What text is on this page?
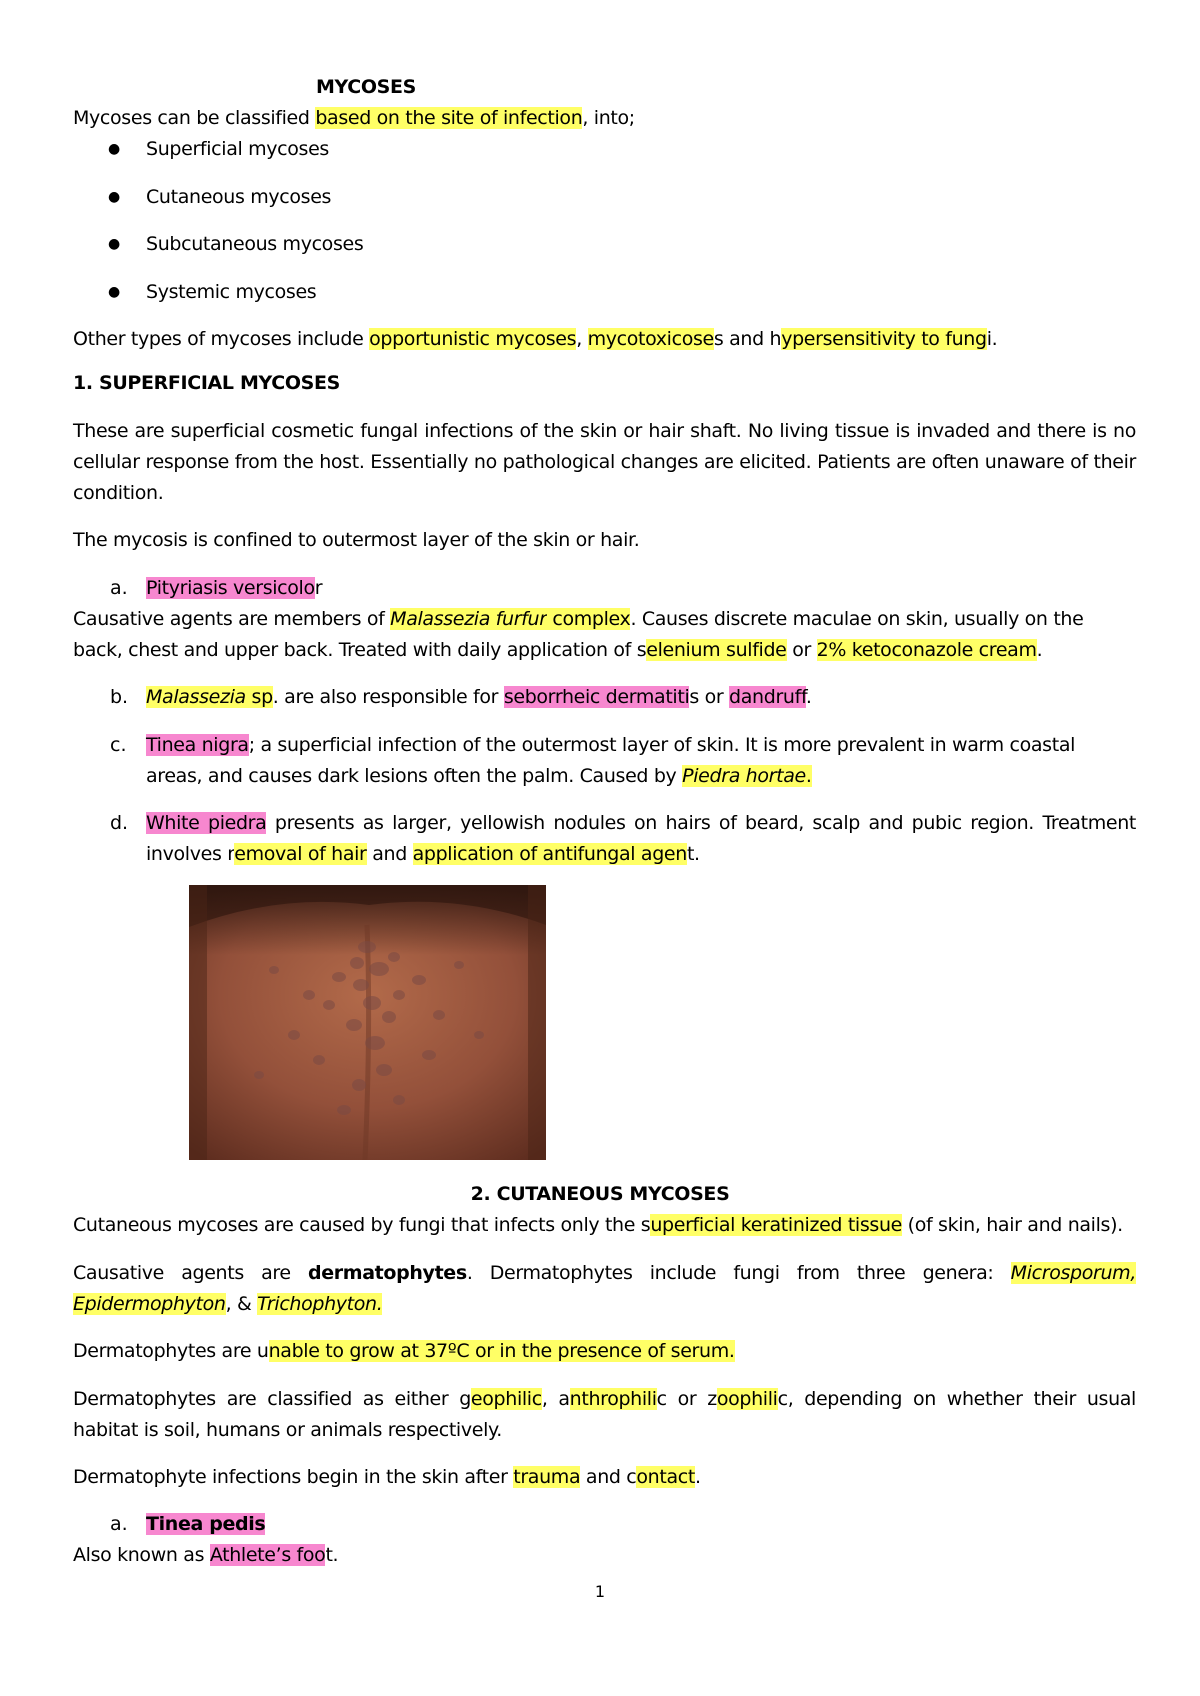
MYCOSES
Mycoses can be classified based on the site of infection, into;
● Superficial mycoses
● Cutaneous mycoses
● Subcutaneous mycoses
● Systemic mycoses
Other types of mycoses include opportunistic mycoses, mycotoxicoses and hypersensitivity to fungi.
1. SUPERFICIAL MYCOSES
These are superficial cosmetic fungal infections of the skin or hair shaft. No living tissue is invaded and there is no cellular response from the host. Essentially no pathological changes are elicited. Patients are often unaware of their condition.
The mycosis is confined to outermost layer of the skin or hair.
a. Pityriasis versicolor
Causative agents are members of Malassezia furfur complex. Causes discrete maculae on skin, usually on the back, chest and upper back. Treated with daily application of selenium sulfide or 2% ketoconazole cream.
b. Malassezia sp. are also responsible for seborrheic dermatitis or dandruff.
c. Tinea nigra; a superficial infection of the outermost layer of skin. It is more prevalent in warm coastal areas, and causes dark lesions often the palm. Caused by Piedra hortae.
d. White piedra presents as larger, yellowish nodules on hairs of beard, scalp and pubic region. Treatment involves removal of hair and application of antifungal agent.
2. CUTANEOUS MYCOSES
Cutaneous mycoses are caused by fungi that infects only the superficial keratinized tissue (of skin, hair and nails).
Causative agents are dermatophytes. Dermatophytes include fungi from three genera: Microsporum, Epidermophyton, & Trichophyton.
Dermatophytes are unable to grow at 37ºC or in the presence of serum.
Dermatophytes are classified as either geophilic, anthrophilic or zoophilic, depending on whether their usual habitat is soil, humans or animals respectively.
Dermatophyte infections begin in the skin after trauma and contact.
a. Tinea pedis
Also known as Athlete’s foot.
1
